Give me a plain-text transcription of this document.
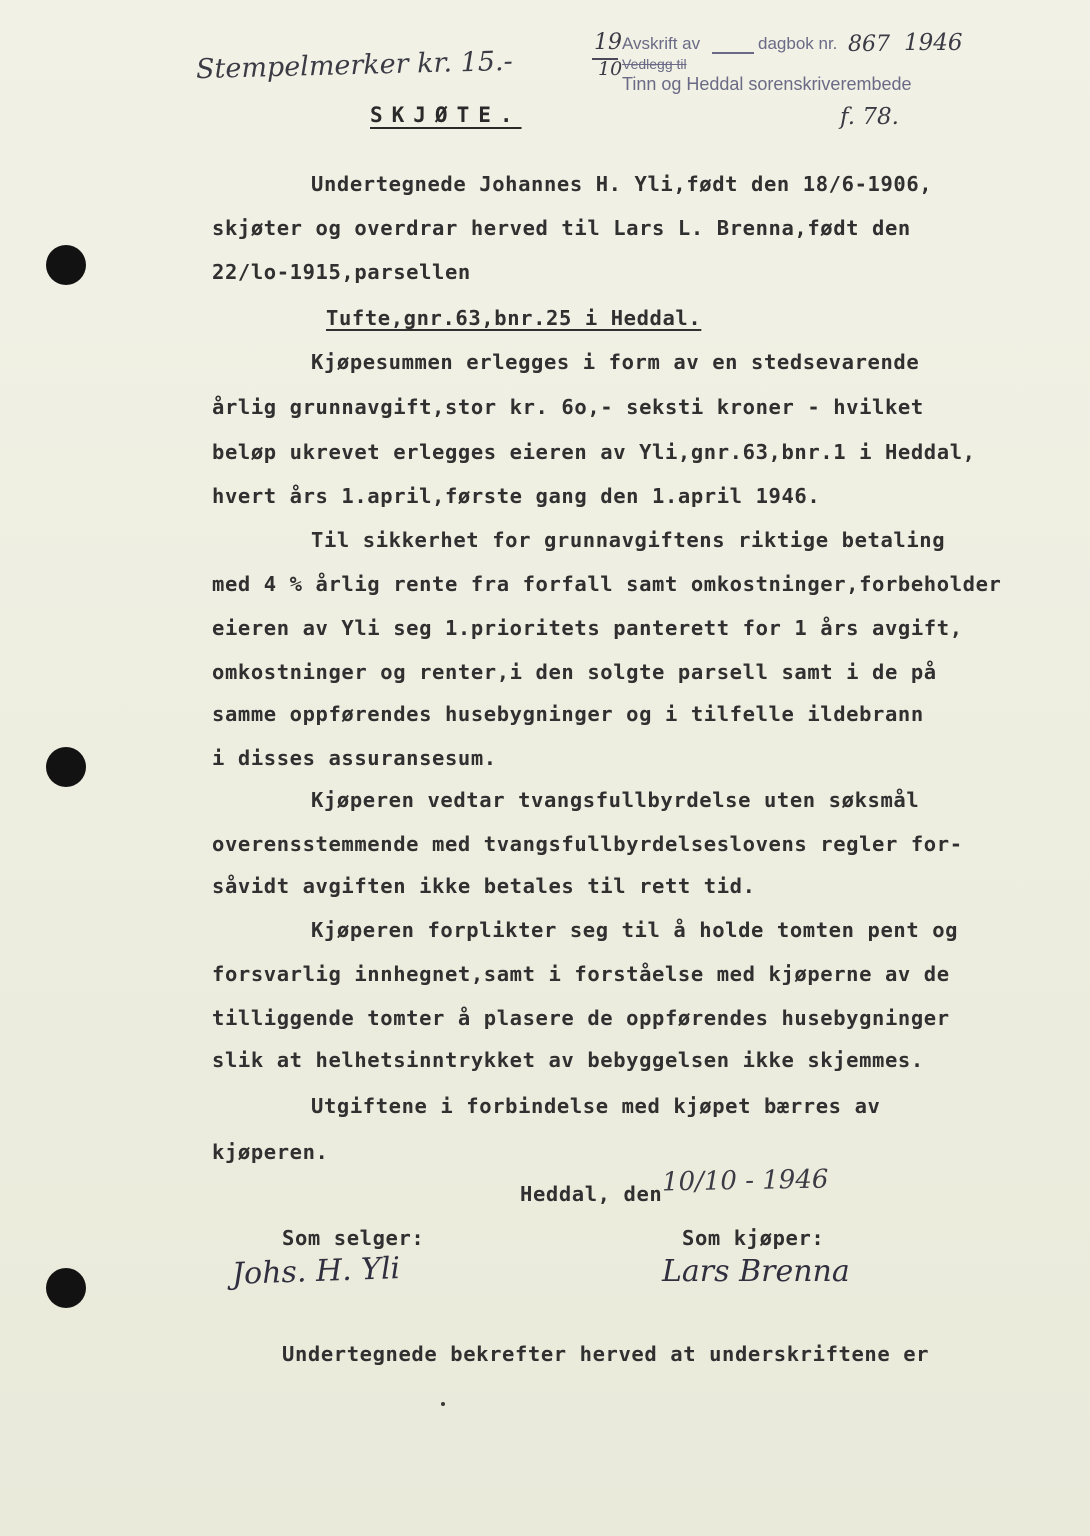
Stempelmerker kr. 15.-
19
10
Avskrift av	dagbok nr. 867 1946
Vedlegg til
Tinn og Heddal sorenskriverembede
f. 78.
SKJØTE.
Undertegnede Johannes H. Yli,født den 18/6-1906,
skjøter og overdrar herved til Lars L. Brenna,født den
22/lo-1915,parsellen
Tufte,gnr.63,bnr.25 i Heddal.
Kjøpesummen erlegges i form av en stedsevarende
årlig grunnavgift,stor kr. 6o,- seksti kroner - hvilket
beløp ukrevet erlegges eieren av Yli,gnr.63,bnr.1 i Heddal,
hvert års 1.april,første gang den 1.april 1946.
Til sikkerhet for grunnavgiftens riktige betaling
med 4 % årlig rente fra forfall samt omkostninger,forbeholder
eieren av Yli seg 1.prioritets panterett for 1 års avgift,
omkostninger og renter,i den solgte parsell samt i de på
samme oppførendes husebygninger og i tilfelle ildebrann
i disses assuransesum.
Kjøperen vedtar tvangsfullbyrdelse uten søksmål
overensstemmende med tvangsfullbyrdelseslovens regler for-
såvidt avgiften ikke betales til rett tid.
Kjøperen forplikter seg til å holde tomten pent og
forsvarlig innhegnet,samt i forståelse med kjøperne av de
tilliggende tomter å plasere de oppførendes husebygninger
slik at helhetsinntrykket av bebyggelsen ikke skjemmes.
Utgiftene i forbindelse med kjøpet bærres av
kjøperen.
Heddal, den 10/10 - 1946
Som selger:	Som kjøper:
Johs. H. Yli	Lars Brenna
Undertegnede bekrefter herved at underskriftene er
